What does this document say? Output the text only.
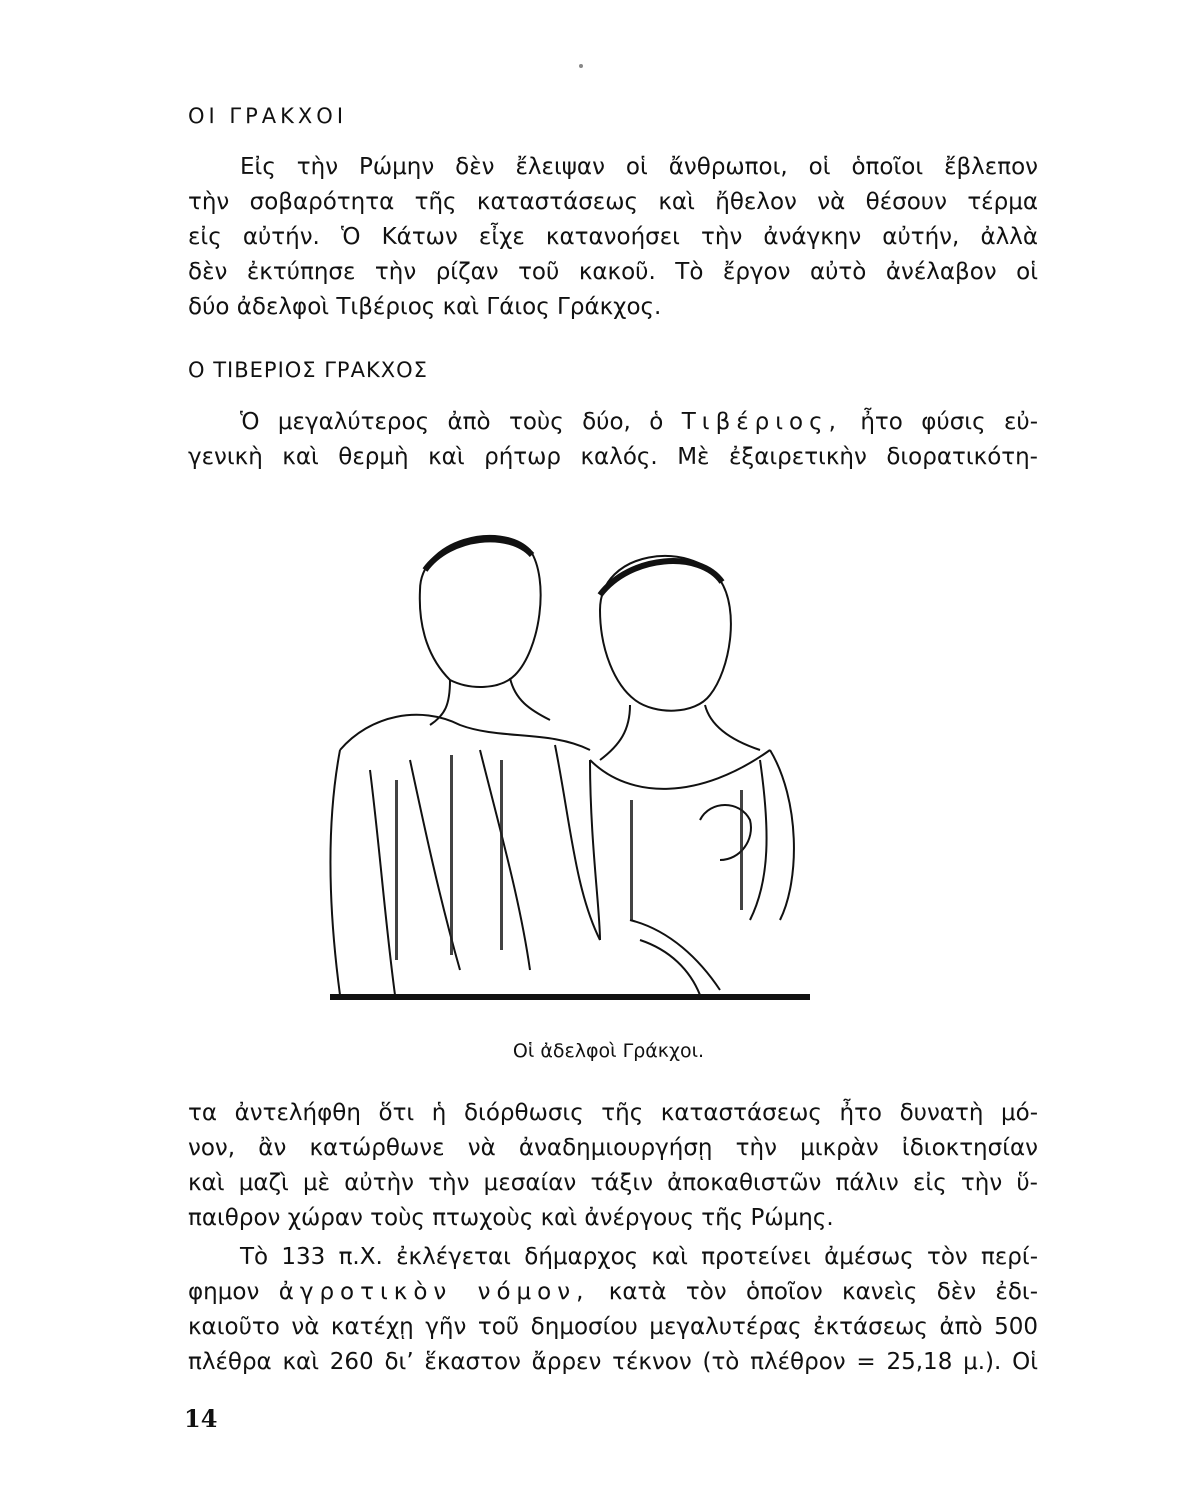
ΟΙ ΓΡΑΚΧΟΙ
Εἰς τὴν Ρώμην δὲν ἔλειψαν οἱ ἄνθρωποι, οἱ ὁποῖοι ἔβλεπον
τὴν σοβαρότητα τῆς καταστάσεως καὶ ἤθελον νὰ θέσουν τέρμα
εἰς αὐτήν. Ὁ Κάτων εἶχε κατανοήσει τὴν ἀνάγκην αὐτήν, ἀλλὰ
δὲν ἐκτύπησε τὴν ρίζαν τοῦ κακοῦ. Τὸ ἔργον αὐτὸ ἀνέλαβον οἱ
δύο ἀδελφοὶ Τιβέριος καὶ Γάιος Γράκχος.
Ο ΤΙΒΕΡΙΟΣ ΓΡΑΚΧΟΣ
Ὁ μεγαλύτερος ἀπὸ τοὺς δύο, ὁ Τιβέριος, ἦτο φύσις εὐ-
γενικὴ καὶ θερμὴ καὶ ρήτωρ καλός. Μὲ ἐξαιρετικὴν διορατικότη-
Οἱ ἀδελφοὶ Γράκχοι.
τα ἀντελήφθη ὅτι ἡ διόρθωσις τῆς καταστάσεως ἦτο δυνατὴ μό-
νον, ἂν κατώρθωνε νὰ ἀναδημιουργήσῃ τὴν μικρὰν ἰδιοκτησίαν
καὶ μαζὶ μὲ αὐτὴν τὴν μεσαίαν τάξιν ἀποκαθιστῶν πάλιν εἰς τὴν ὕ-
παιθρον χώραν τοὺς πτωχοὺς καὶ ἀνέργους τῆς Ρώμης.
Τὸ 133 π.Χ. ἐκλέγεται δήμαρχος καὶ προτείνει ἀμέσως τὸν περί-
φημον ἀγροτικὸν νόμον, κατὰ τὸν ὁποῖον κανεὶς δὲν ἐδι-
καιοῦτο νὰ κατέχῃ γῆν τοῦ δημοσίου μεγαλυτέρας ἐκτάσεως ἀπὸ 500
πλέθρα καὶ 260 δι’ ἕκαστον ἄρρεν τέκνον (τὸ πλέθρον = 25,18 μ.). Οἱ
14
